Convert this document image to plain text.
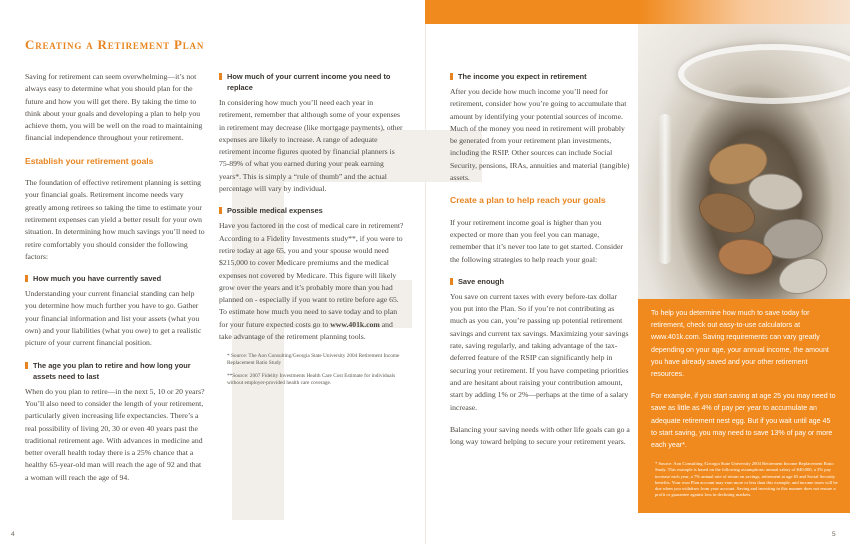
Creating a Retirement Plan

Saving for retirement can seem overwhelming—it’s not always easy to determine what you should plan for the future and how you will get there. By taking the time to think about your goals and developing a plan to help you achieve them, you will be well on the road to maintaining financial independence throughout your retirement.

Establish your retirement goals

The foundation of effective retirement planning is setting your financial goals. Retirement income needs vary greatly among retirees so taking the time to estimate your retirement expenses can yield a better result for your own situation. In determining how much savings you’ll need to retire comfortably you should consider the following factors:

How much you have currently saved

Understanding your current financial standing can help you determine how much further you have to go. Gather your financial information and list your assets (what you own) and your liabilities (what you owe) to get a realistic picture of your current financial position.

The age you plan to retire and how long your assets need to last

When do you plan to retire—in the next 5, 10 or 20 years? You’ll also need to consider the length of your retirement, particularly given increasing life expectancies. There’s a real possibility of living 20, 30 or even 40 years past the traditional retirement age. With advances in medicine and better overall health today there is a 25% chance that a healthy 65-year-old man will reach the age of 92 and that a woman will reach the age of 94.

How much of your current income you need to replace

In considering how much you’ll need each year in retirement, remember that although some of your expenses in retirement may decrease (like mortgage payments), other expenses are likely to increase. A range of adequate retirement income figures quoted by financial planners is 75-89% of what you earned during your peak earning years*. This is simply a “rule of thumb” and the actual percentage will vary by individual.

Possible medical expenses

Have you factored in the cost of medical care in retirement? According to a Fidelity Investments study**, if you were to retire today at age 65, you and your spouse would need $215,000 to cover Medicare premiums and the medical expenses not covered by Medicare. This figure will likely grow over the years and it’s probably more than you had planned on - especially if you want to retire before age 65. To estimate how much you need to save today and to plan for your future expected costs go to www.401k.com and take advantage of the retirement planning tools.

* Source: The Aon Consulting/Georgia State University 2004 Retirement Income Replacement Ratio Study
**Source: 2007 Fidelity Investments Health Care Cost Estimate for individuals without employer-provided health care coverage.
The income you expect in retirement

After you decide how much income you’ll need for retirement, consider how you’re going to accumulate that amount by identifying your potential sources of income. Much of the money you need in retirement will probably be generated from your retirement plan investments, including the RSIP. Other sources can include Social Security, pensions, IRAs, annuities and material (tangible) assets.

Create a plan to help reach your goals

If your retirement income goal is higher than you expected or more than you feel you can manage, remember that it’s never too late to get started. Consider the following strategies to help reach your goal:

Save enough

You save on current taxes with every before-tax dollar you put into the Plan. So if you’re not contributing as much as you can, you’re passing up potential retirement savings and current tax savings. Maximizing your savings rate, saving regularly, and taking advantage of the tax-deferred feature of the RSIP can significantly help in securing your retirement. If you have competing priorities and are hesitant about raising your contribution amount, start by adding 1% or 2%—perhaps at the time of a salary increase.

Balancing your saving needs with other life goals can go a long way toward helping to secure your retirement years.

To help you determine how much to save today for retirement, check out easy-to-use calculators at www.401k.com. Saving requirements can vary greatly depending on your age, your annual income, the amount you have already saved and your other retirement resources.

For example, if you start saving at age 25 you may need to save as little as 4% of pay per year to accumulate an adequate retirement nest egg. But if you wait until age 45 to start saving, you may need to save 13% of pay or more each year*.

* Source: Aon Consulting /Georgia State University 2004 Retirement Income Replacement Ratio Study. This example is based on the following assumptions: annual salary of $40,000, a 3% pay increase each year, a 7% annual rate of return on savings, retirement at age 65 and Social Security benefits. Your own Plan account may earn more or less than this example, and income taxes will be due when you withdraw from your account. Saving and investing in this manner does not ensure a profit or guarantee against loss in declining markets.
4	5
